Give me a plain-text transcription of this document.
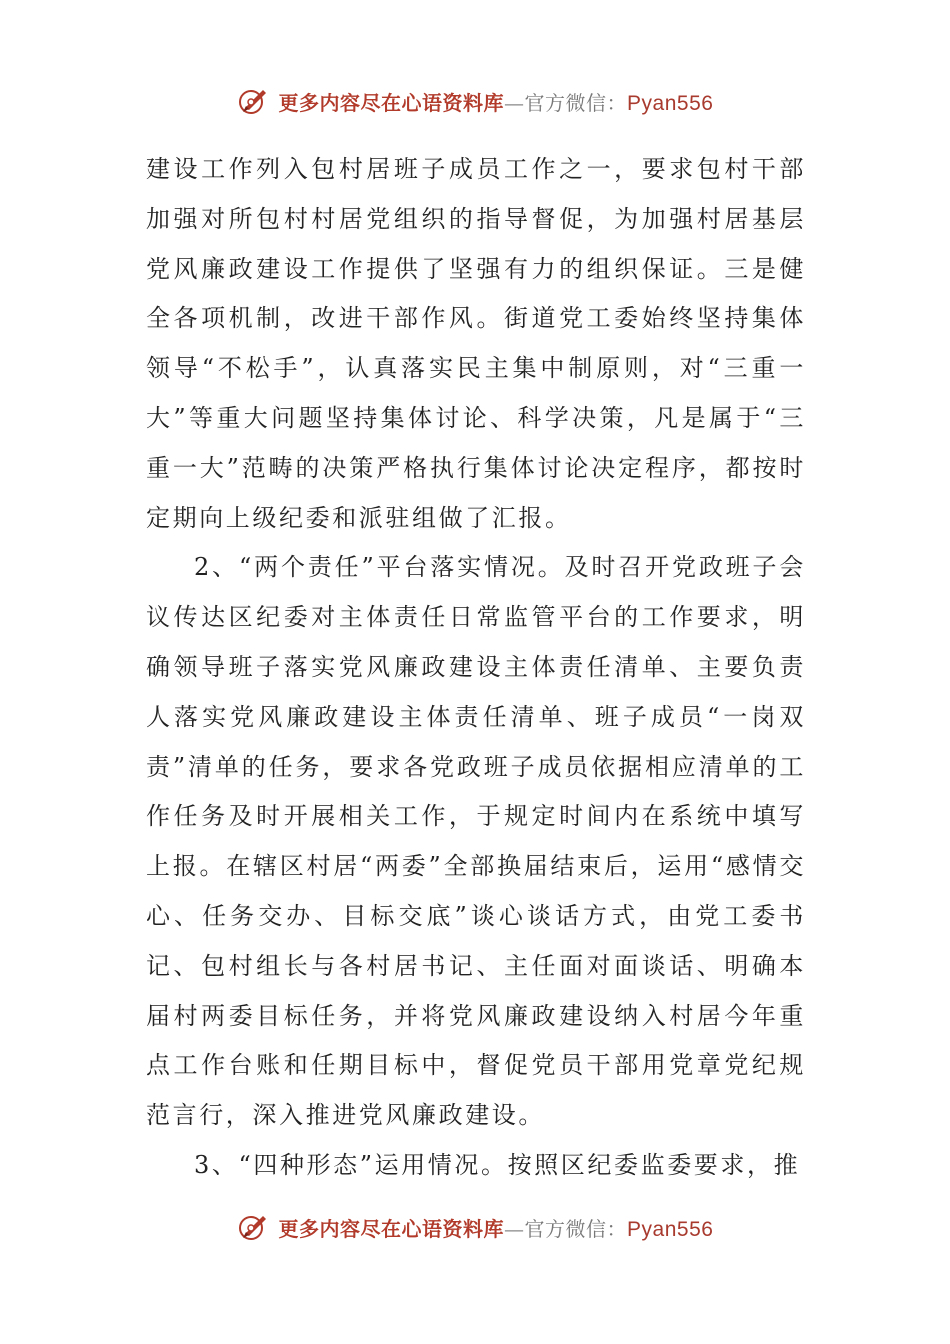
更多内容尽在心语资料库—官方微信：Pyan556

建设工作列入包村居班子成员工作之一，要求包村干部加强对所包村村居党组织的指导督促，为加强村居基层党风廉政建设工作提供了坚强有力的组织保证。三是健全各项机制，改进干部作风。街道党工委始终坚持集体领导“不松手”，认真落实民主集中制原则，对“三重一大”等重大问题坚持集体讨论、科学决策，凡是属于“三重一大”范畴的决策严格执行集体讨论决定程序，都按时定期向上级纪委和派驻组做了汇报。

2、“两个责任”平台落实情况。及时召开党政班子会议传达区纪委对主体责任日常监管平台的工作要求，明确领导班子落实党风廉政建设主体责任清单、主要负责人落实党风廉政建设主体责任清单、班子成员“一岗双责”清单的任务，要求各党政班子成员依据相应清单的工作任务及时开展相关工作，于规定时间内在系统中填写上报。在辖区村居“两委”全部换届结束后，运用“感情交心、任务交办、目标交底”谈心谈话方式，由党工委书记、包村组长与各村居书记、主任面对面谈话、明确本届村两委目标任务，并将党风廉政建设纳入村居今年重点工作台账和任期目标中，督促党员干部用党章党纪规范言行，深入推进党风廉政建设。

3、“四种形态”运用情况。按照区纪委监委要求，推

更多内容尽在心语资料库—官方微信：Pyan556
